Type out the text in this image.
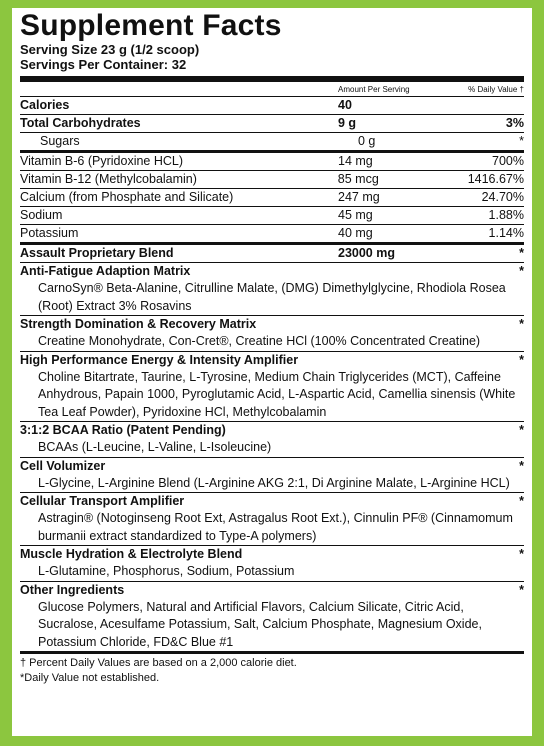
Supplement Facts
Serving Size 23 g (1/2 scoop)
Servings Per Container: 32
Amount Per Serving	% Daily Value †
Calories	40
Total Carbohydrates	9 g	3%
Sugars	0 g	*
Vitamin B-6 (Pyridoxine HCL)	14 mg	700%
Vitamin B-12 (Methylcobalamin)	85 mcg	1416.67%
Calcium (from Phosphate and Silicate)	247 mg	24.70%
Sodium	45 mg	1.88%
Potassium	40 mg	1.14%
Assault Proprietary Blend	23000 mg	*
Anti-Fatigue Adaption Matrix	*
CarnoSyn® Beta-Alanine, Citrulline Malate, (DMG) Dimethylglycine, Rhodiola Rosea (Root) Extract 3% Rosavins
Strength Domination & Recovery Matrix	*
Creatine Monohydrate, Con-Cret®, Creatine HCl (100% Concentrated Creatine)
High Performance Energy & Intensity Amplifier	*
Choline Bitartrate, Taurine, L-Tyrosine, Medium Chain Triglycerides (MCT), Caffeine Anhydrous, Papain 1000, Pyroglutamic Acid, L-Aspartic Acid, Camellia sinensis (White Tea Leaf Powder), Pyridoxine HCl, Methylcobalamin
3:1:2 BCAA Ratio (Patent Pending)	*
BCAAs (L-Leucine, L-Valine, L-Isoleucine)
Cell Volumizer	*
L-Glycine, L-Arginine Blend (L-Arginine AKG 2:1, Di Arginine Malate, L-Arginine HCL)
Cellular Transport Amplifier	*
Astragin® (Notoginseng Root Ext, Astragalus Root Ext.), Cinnulin PF® (Cinnamomum burmanii extract standardized to Type-A polymers)
Muscle Hydration & Electrolyte Blend	*
L-Glutamine, Phosphorus, Sodium, Potassium
Other Ingredients	*
Glucose Polymers, Natural and Artificial Flavors, Calcium Silicate, Citric Acid, Sucralose, Acesulfame Potassium, Salt, Calcium Phosphate, Magnesium Oxide, Potassium Chloride, FD&C Blue #1
† Percent Daily Values are based on a 2,000 calorie diet.
*Daily Value not established.
